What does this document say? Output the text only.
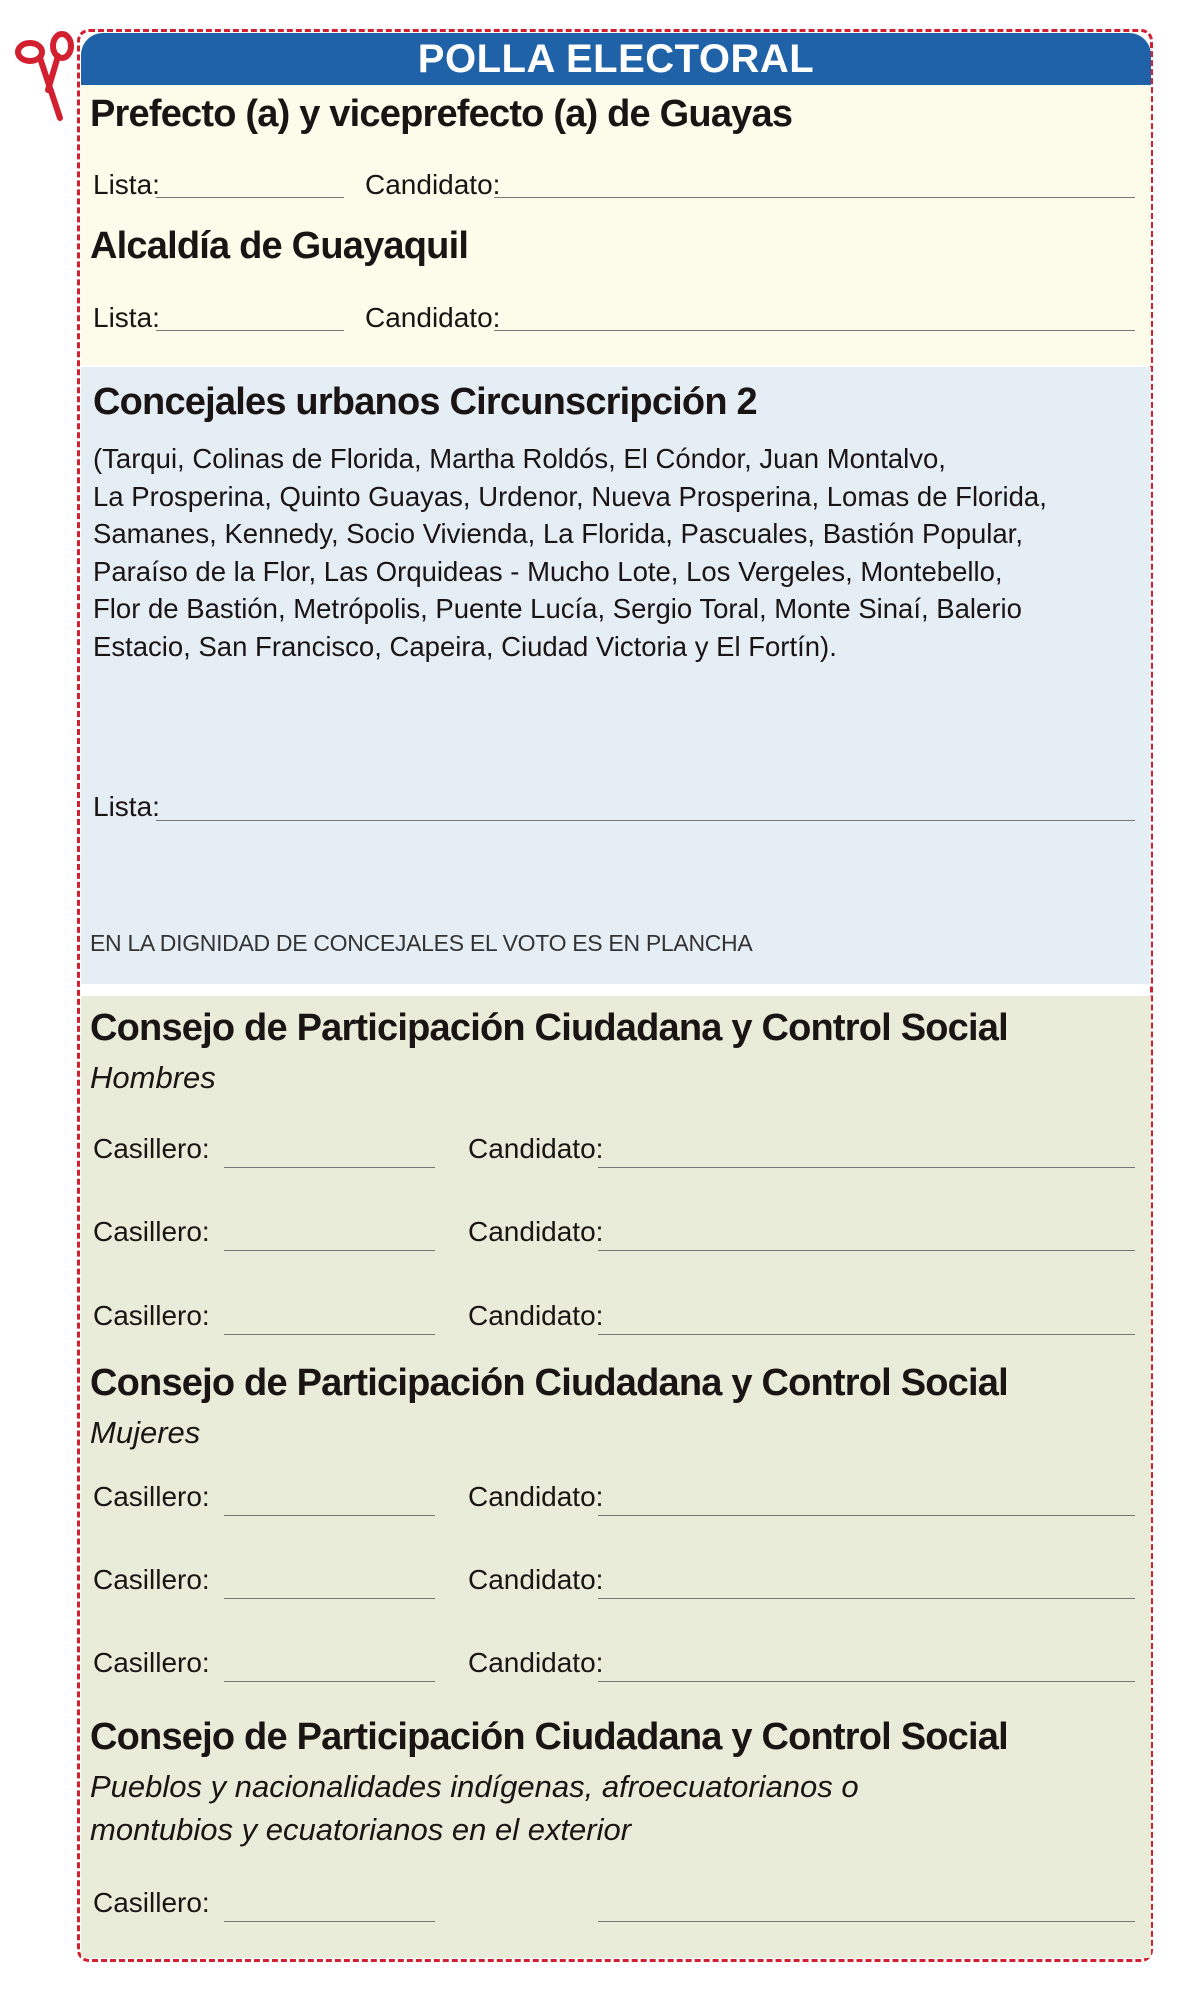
POLLA ELECTORAL
Prefecto (a) y viceprefecto (a) de Guayas
Lista:	Candidato:
Alcaldía de Guayaquil
Lista:	Candidato:
Concejales urbanos Circunscripción 2
(Tarqui, Colinas de Florida, Martha Roldós, El Cóndor, Juan Montalvo,
La Prosperina, Quinto Guayas, Urdenor, Nueva Prosperina, Lomas de Florida,
Samanes, Kennedy, Socio Vivienda, La Florida, Pascuales, Bastión Popular,
Paraíso de la Flor, Las Orquideas - Mucho Lote, Los Vergeles, Montebello,
Flor de Bastión, Metrópolis, Puente Lucía, Sergio Toral, Monte Sinaí, Balerio
Estacio, San Francisco, Capeira, Ciudad Victoria y El Fortín).
Lista:
EN LA DIGNIDAD DE CONCEJALES EL VOTO ES EN PLANCHA
Consejo de Participación Ciudadana y Control Social
Hombres
Casillero:	Candidato:
Casillero:	Candidato:
Casillero:	Candidato:
Consejo de Participación Ciudadana y Control Social
Mujeres
Casillero:	Candidato:
Casillero:	Candidato:
Casillero:	Candidato:
Consejo de Participación Ciudadana y Control Social
Pueblos y nacionalidades indígenas, afroecuatorianos o
montubios y ecuatorianos en el exterior
Casillero:
